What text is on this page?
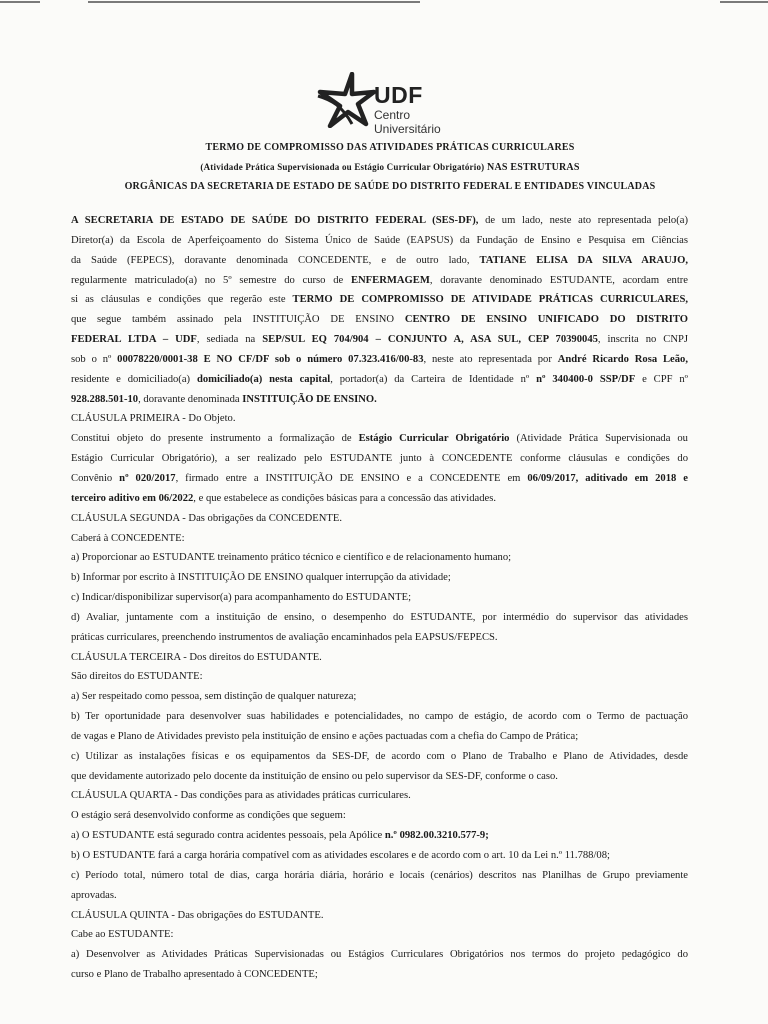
UDF
Centro
Universitário
TERMO DE COMPROMISSO DAS ATIVIDADES PRÁTICAS CURRICULARES
(Atividade Prática Supervisionada ou Estágio Curricular Obrigatório) NAS ESTRUTURAS
ORGÂNICAS DA SECRETARIA DE ESTADO DE SAÚDE DO DISTRITO FEDERAL E ENTIDADES VINCULADAS
A SECRETARIA DE ESTADO DE SAÚDE DO DISTRITO FEDERAL (SES-DF), de um lado, neste ato representada pelo(a)
Diretor(a) da Escola de Aperfeiçoamento do Sistema Único de Saúde (EAPSUS) da Fundação de Ensino e Pesquisa em Ciências
da Saúde (FEPECS), doravante denominada CONCEDENTE, e de outro lado, TATIANE ELISA DA SILVA ARAUJO,
regularmente matriculado(a) no 5º semestre do curso de ENFERMAGEM, doravante denominado ESTUDANTE, acordam entre
si as cláusulas e condições que regerão este TERMO DE COMPROMISSO DE ATIVIDADE PRÁTICAS CURRICULARES,
que segue também assinado pela INSTITUIÇÃO DE ENSINO CENTRO DE ENSINO UNIFICADO DO DISTRITO
FEDERAL LTDA – UDF, sediada na SEP/SUL EQ 704/904 – CONJUNTO A, ASA SUL, CEP 70390045, inscrita no CNPJ
sob o nº 00078220/0001-38 E NO CF/DF sob o número 07.323.416/00-83, neste ato representada por André Ricardo Rosa Leão,
residente e domiciliado(a) domiciliado(a) nesta capital, portador(a) da Carteira de Identidade nº nº 340400-0 SSP/DF e CPF nº
928.288.501-10, doravante denominada INSTITUIÇÃO DE ENSINO.
CLÁUSULA PRIMEIRA - Do Objeto.
Constitui objeto do presente instrumento a formalização de Estágio Curricular Obrigatório (Atividade Prática Supervisionada ou
Estágio Curricular Obrigatório), a ser realizado pelo ESTUDANTE junto à CONCEDENTE conforme cláusulas e condições do
Convênio nº 020/2017, firmado entre a INSTITUIÇÃO DE ENSINO e a CONCEDENTE em 06/09/2017, aditivado em 2018 e
terceiro aditivo em 06/2022, e que estabelece as condições básicas para a concessão das atividades.
CLÁUSULA SEGUNDA - Das obrigações da CONCEDENTE.
Caberá à CONCEDENTE:
a) Proporcionar ao ESTUDANTE treinamento prático técnico e científico e de relacionamento humano;
b) Informar por escrito à INSTITUIÇÃO DE ENSINO qualquer interrupção da atividade;
c) Indicar/disponibilizar supervisor(a) para acompanhamento do ESTUDANTE;
d) Avaliar, juntamente com a instituição de ensino, o desempenho do ESTUDANTE, por intermédio do supervisor das atividades
práticas curriculares, preenchendo instrumentos de avaliação encaminhados pela EAPSUS/FEPECS.
CLÁUSULA TERCEIRA - Dos direitos do ESTUDANTE.
São direitos do ESTUDANTE:
a) Ser respeitado como pessoa, sem distinção de qualquer natureza;
b) Ter oportunidade para desenvolver suas habilidades e potencialidades, no campo de estágio, de acordo com o Termo de pactuação
de vagas e Plano de Atividades previsto pela instituição de ensino e ações pactuadas com a chefia do Campo de Prática;
c) Utilizar as instalações físicas e os equipamentos da SES-DF, de acordo com o Plano de Trabalho e Plano de Atividades, desde
que devidamente autorizado pelo docente da instituição de ensino ou pelo supervisor da SES-DF, conforme o caso.
CLÁUSULA QUARTA - Das condições para as atividades práticas curriculares.
O estágio será desenvolvido conforme as condições que seguem:
a) O ESTUDANTE está segurado contra acidentes pessoais, pela Apólice n.º 0982.00.3210.577-9;
b) O ESTUDANTE fará a carga horária compatível com as atividades escolares e de acordo com o art. 10 da Lei n.º 11.788/08;
c) Período total, número total de dias, carga horária diária, horário e locais (cenários) descritos nas Planilhas de Grupo previamente
aprovadas.
CLÁUSULA QUINTA - Das obrigações do ESTUDANTE.
Cabe ao ESTUDANTE:
a) Desenvolver as Atividades Práticas Supervisionadas ou Estágios Curriculares Obrigatórios nos termos do projeto pedagógico do
curso e Plano de Trabalho apresentado à CONCEDENTE;
